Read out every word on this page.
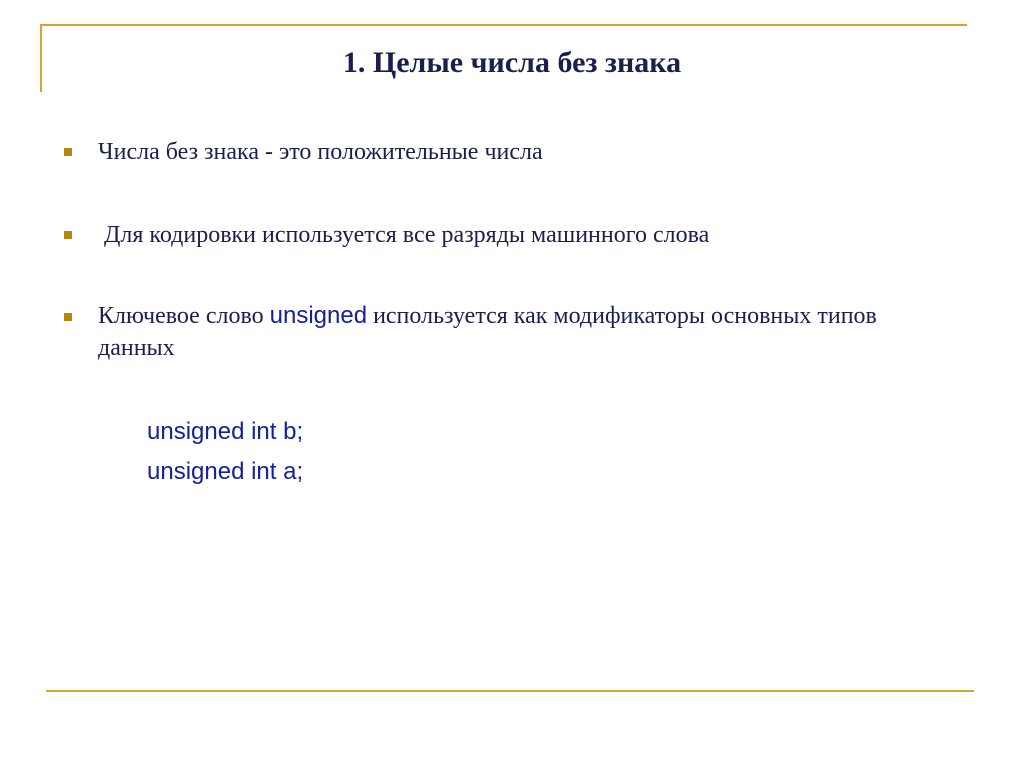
1. Целые числа без знака
Числа без знака - это положительные числа
Для кодировки используется все разряды машинного слова
Ключевое слово unsigned используется как модификаторы основных типов данных
unsigned int b;
unsigned int a;
